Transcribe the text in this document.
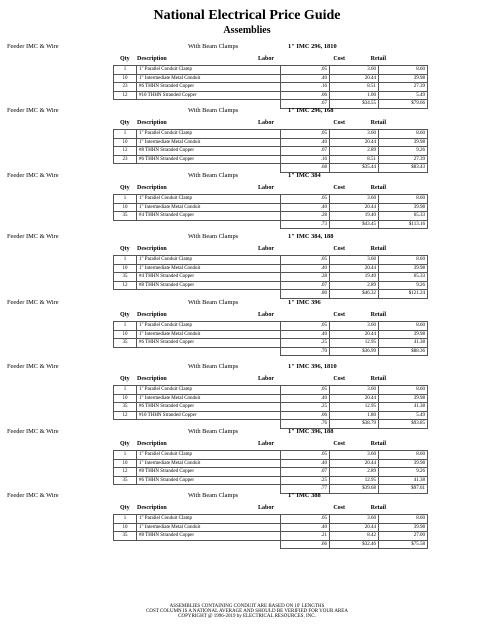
National Electrical Price Guide
Assemblies
Feeder IMC & Wire	With Beam Clamps	1" IMC 296, 1810
Qty Description	Labor	Cost	Retail
1	1" Parallel Conduit Clamp	.05	3.60	8.60
10	1" Intermediate Metal Conduit	.40	20.44	39.98
23	#6 THHN Stranded Copper	.16	8.51	27.39
12	#10 THHN Stranded Copper	.06	1.00	5.49
		.67	$34.55	$79.66
Feeder IMC & Wire	With Beam Clamps	1" IMC 296, 168
Qty Description	Labor	Cost	Retail
1	1" Parallel Conduit Clamp	.05	3.60	8.60
10	1" Intermediate Metal Conduit	.40	20.44	39.98
12	#8 THHN Stranded Copper	.07	2.89	9.26
23	#6 THHN Stranded Copper	.16	8.51	27.39
		.68	$35.44	$83.43
Feeder IMC & Wire	With Beam Clamps	1" IMC 384
Qty Description	Labor	Cost	Retail
1	1" Parallel Conduit Clamp	.05	3.60	8.60
10	1" Intermediate Metal Conduit	.40	20.44	39.98
35	#4 THHN Stranded Copper	.28	19.40	65.33
		.73	$43.45	$113.16
Feeder IMC & Wire	With Beam Clamps	1" IMC 384, 188
Qty Description	Labor	Cost	Retail
1	1" Parallel Conduit Clamp	.05	3.60	8.60
10	1" Intermediate Metal Conduit	.40	20.44	39.98
35	#4 THHN Stranded Copper	.28	19.40	65.33
12	#8 THHN Stranded Copper	.07	2.89	9.26
		.80	$46.32	$121.24
Feeder IMC & Wire	With Beam Clamps	1" IMC 396
Qty Description	Labor	Cost	Retail
1	1" Parallel Conduit Clamp	.05	3.60	8.60
10	1" Intermediate Metal Conduit	.40	20.44	39.98
35	#6 THHN Stranded Copper	.25	12.95	41.38
		.70	$36.99	$88.36
Feeder IMC & Wire	With Beam Clamps	1" IMC 396, 1810
Qty Description	Labor	Cost	Retail
1	1" Parallel Conduit Clamp	.05	3.60	8.60
10	1" Intermediate Metal Conduit	.40	20.44	39.98
35	#6 THHN Stranded Copper	.25	12.95	41.38
12	#10 THHN Stranded Copper	.06	1.80	5.49
		.76	$38.79	$93.85
Feeder IMC & Wire	With Beam Clamps	1" IMC 396, 188
Qty Description	Labor	Cost	Retail
1	1" Parallel Conduit Clamp	.05	3.60	8.60
10	1" Intermediate Metal Conduit	.40	20.44	39.98
12	#8 THHN Stranded Copper	.07	2.89	9.26
35	#6 THHN Stranded Copper	.25	12.95	41.38
		.77	$39.68	$97.61
Feeder IMC & Wire	With Beam Clamps	1" IMC 388
Qty Description	Labor	Cost	Retail
1	1" Parallel Conduit Clamp	.05	3.60	8.60
10	1" Intermediate Metal Conduit	.40	20.44	39.98
35	#8 THHN Stranded Copper	.21	8.42	27.00
		.66	$32.46	$75.58
ASSEMBLIES CONTAINING CONDUIT ARE BASED ON 10' LENGTHS
COST COLUMN IS A NATIONAL AVERAGE AND SHOULD BE VERIFIED FOR YOUR AREA
COPYRIGHT @ 1996-2019 by ELECTRICAL RESOURCES, INC.
